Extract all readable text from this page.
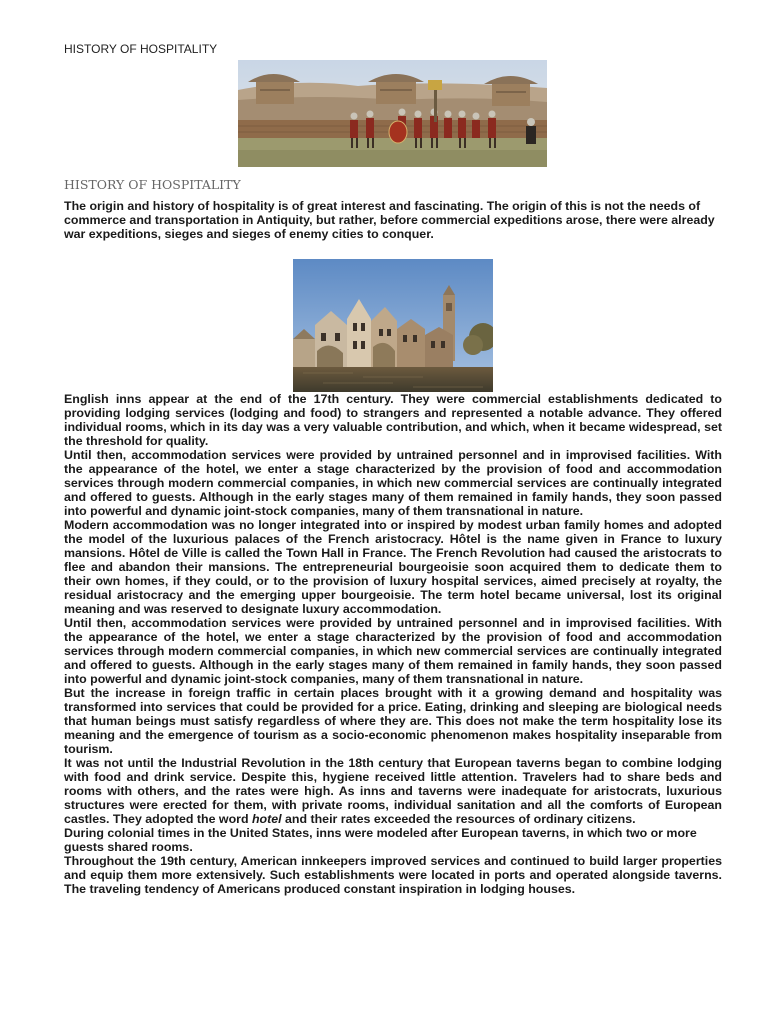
HISTORY OF HOSPITALITY
HISTORY OF HOSPITALITY

The origin and history of hospitality is of great interest and fascinating. The origin of this is not the needs of commerce and transportation in Antiquity, but rather, before commercial expeditions arose, there were already war expeditions, sieges and sieges of enemy cities to conquer.

English inns appear at the end of the 17th century. They were commercial establishments dedicated to providing lodging services (lodging and food) to strangers and represented a notable advance. They offered individual rooms, which in its day was a very valuable contribution, and which, when it became widespread, set the threshold for quality.

Until then, accommodation services were provided by untrained personnel and in improvised facilities. With the appearance of the hotel, we enter a stage characterized by the provision of food and accommodation services through modern commercial companies, in which new commercial services are continually integrated and offered to guests. Although in the early stages many of them remained in family hands, they soon passed into powerful and dynamic joint-stock companies, many of them transnational in nature.

Modern accommodation was no longer integrated into or inspired by modest urban family homes and adopted the model of the luxurious palaces of the French aristocracy. Hôtel is the name given in France to luxury mansions. Hôtel de Ville is called the Town Hall in France. The French Revolution had caused the aristocrats to flee and abandon their mansions. The entrepreneurial bourgeoisie soon acquired them to dedicate them to their own homes, if they could, or to the provision of luxury hospital services, aimed precisely at royalty, the residual aristocracy and the emerging upper bourgeoisie. The term hotel became universal, lost its original meaning and was reserved to designate luxury accommodation.

Until then, accommodation services were provided by untrained personnel and in improvised facilities. With the appearance of the hotel, we enter a stage characterized by the provision of food and accommodation services through modern commercial companies, in which new commercial services are continually integrated and offered to guests. Although in the early stages many of them remained in family hands, they soon passed into powerful and dynamic joint-stock companies, many of them transnational in nature.

But the increase in foreign traffic in certain places brought with it a growing demand and hospitality was transformed into services that could be provided for a price. Eating, drinking and sleeping are biological needs that human beings must satisfy regardless of where they are. This does not make the term hospitality lose its meaning and the emergence of tourism as a socio-economic phenomenon makes hospitality inseparable from tourism.

It was not until the Industrial Revolution in the 18th century that European taverns began to combine lodging with food and drink service. Despite this, hygiene received little attention. Travelers had to share beds and rooms with others, and the rates were high. As inns and taverns were inadequate for aristocrats, luxurious structures were erected for them, with private rooms, individual sanitation and all the comforts of European castles. They adopted the word hotel and their rates exceeded the resources of ordinary citizens.

During colonial times in the United States, inns were modeled after European taverns, in which two or more guests shared rooms.

Throughout the 19th century, American innkeepers improved services and continued to build larger properties and equip them more extensively. Such establishments were located in ports and operated alongside taverns. The traveling tendency of Americans produced constant inspiration in lodging houses.
